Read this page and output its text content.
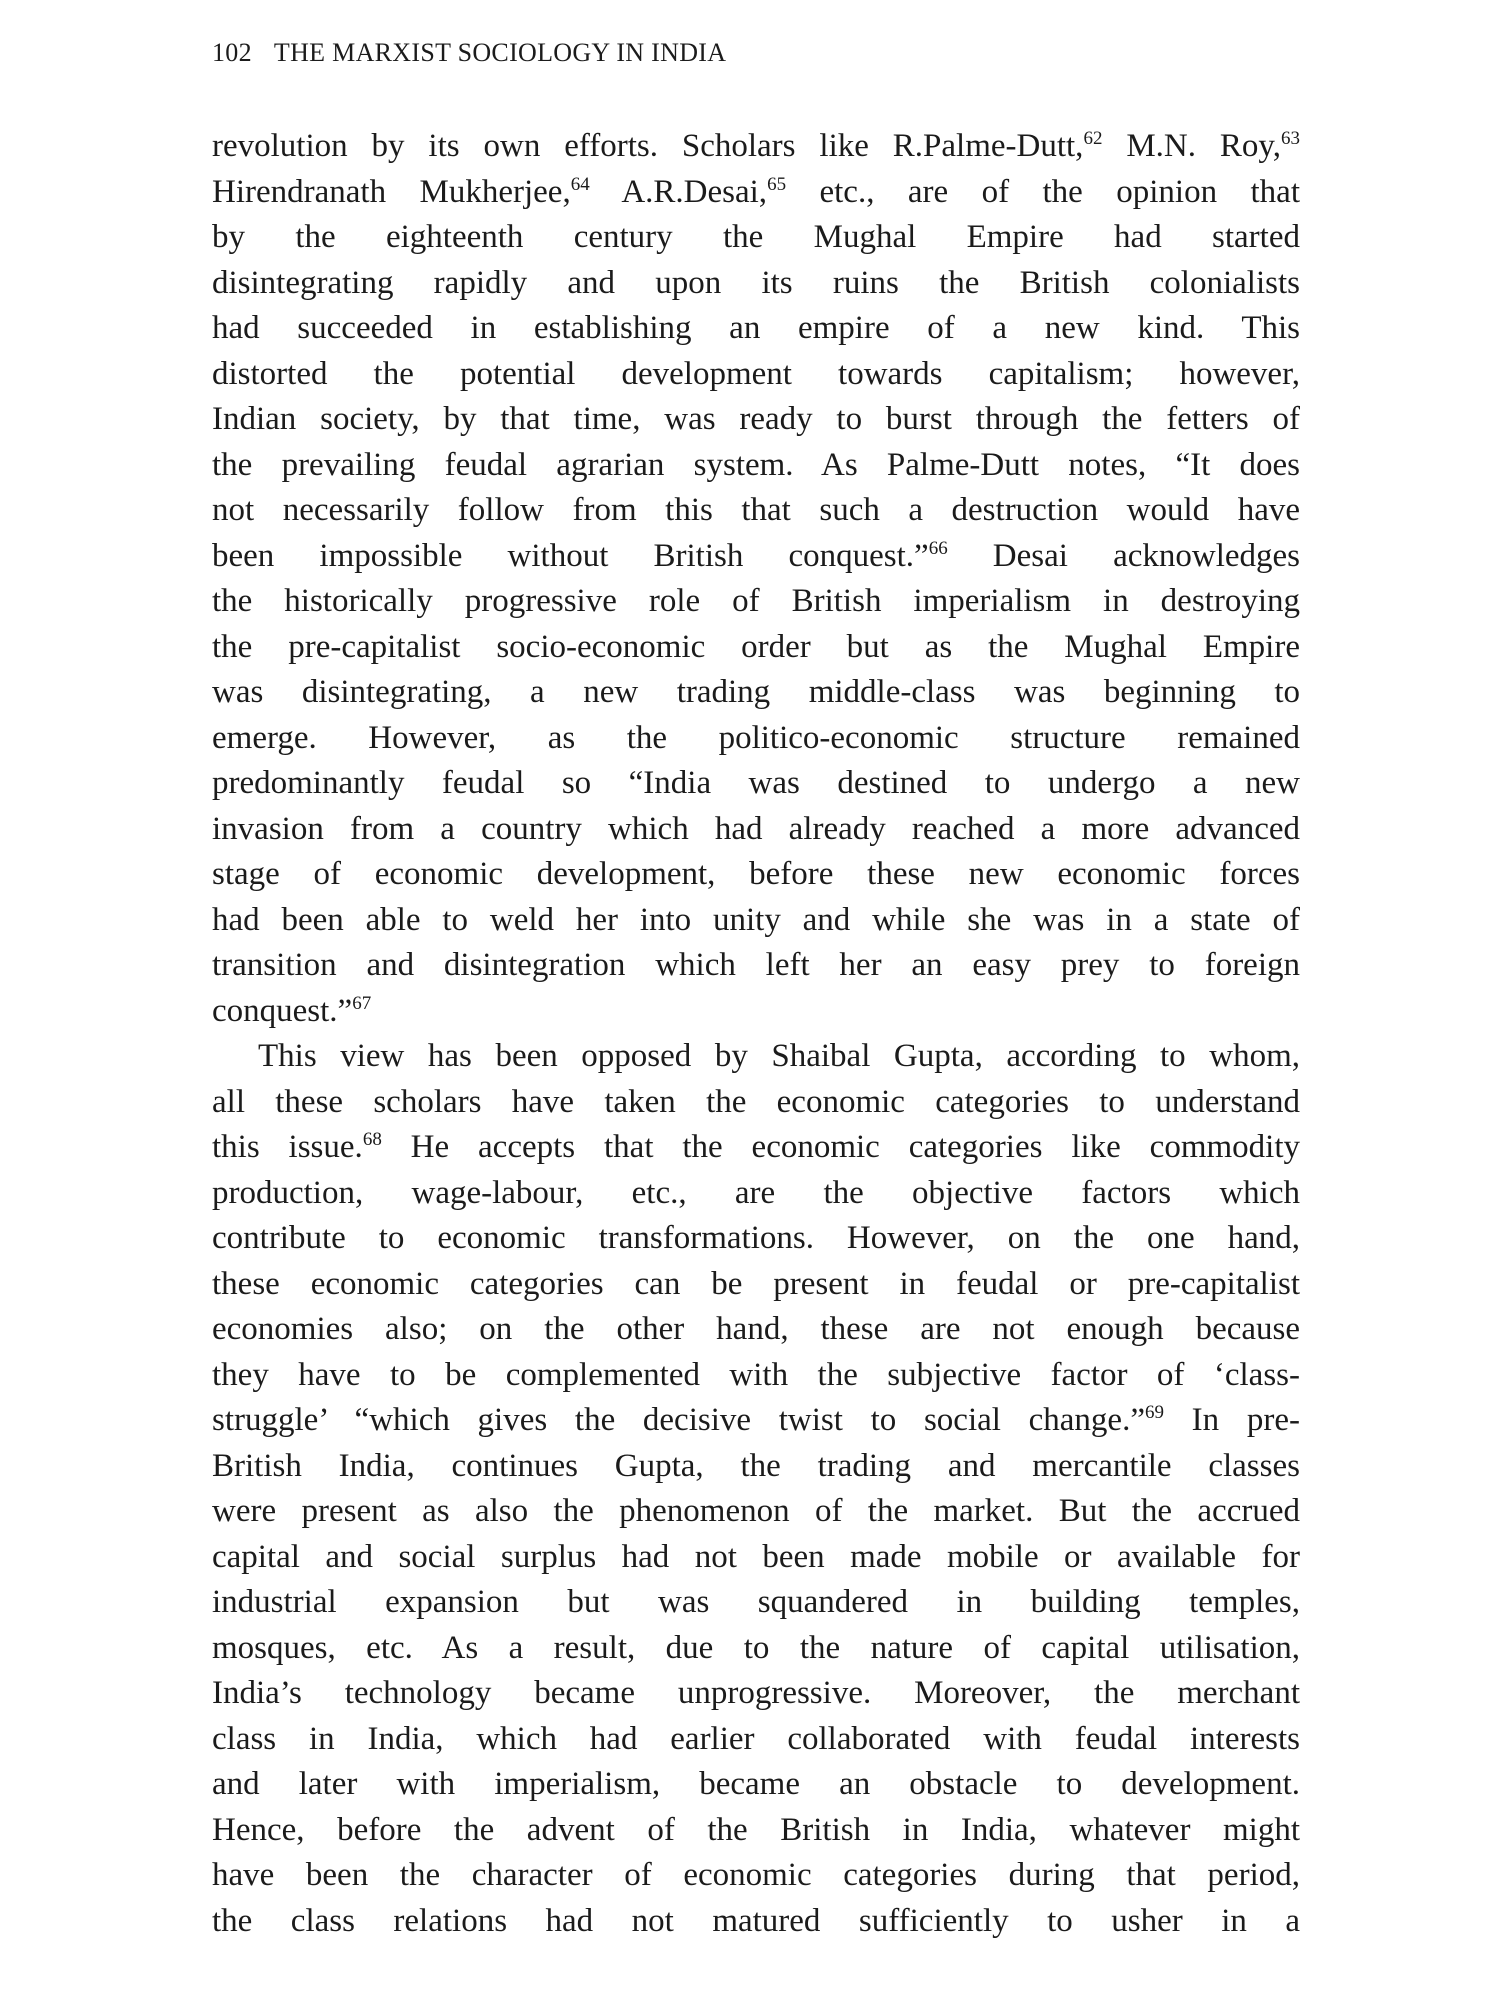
102 THE MARXIST SOCIOLOGY IN INDIA
revolution by its own efforts. Scholars like R.Palme-Dutt,$^{62}$ M.N. Roy,$^{63}$
Hirendranath Mukherjee,$^{64}$ A.R.Desai,$^{65}$ etc., are of the opinion that
by the eighteenth century the Mughal Empire had started
disintegrating rapidly and upon its ruins the British colonialists
had succeeded in establishing an empire of a new kind. This
distorted the potential development towards capitalism; however,
Indian society, by that time, was ready to burst through the fetters of
the prevailing feudal agrarian system. As Palme-Dutt notes, “It does
not necessarily follow from this that such a destruction would have
been impossible without British conquest.”$^{66}$ Desai acknowledges
the historically progressive role of British imperialism in destroying
the pre-capitalist socio-economic order but as the Mughal Empire
was disintegrating, a new trading middle-class was beginning to
emerge. However, as the politico-economic structure remained
predominantly feudal so “India was destined to undergo a new
invasion from a country which had already reached a more advanced
stage of economic development, before these new economic forces
had been able to weld her into unity and while she was in a state of
transition and disintegration which left her an easy prey to foreign
conquest.”$^{67}$
This view has been opposed by Shaibal Gupta, according to whom,
all these scholars have taken the economic categories to understand
this issue.$^{68}$ He accepts that the economic categories like commodity
production, wage-labour, etc., are the objective factors which
contribute to economic transformations. However, on the one hand,
these economic categories can be present in feudal or pre-capitalist
economies also; on the other hand, these are not enough because
they have to be complemented with the subjective factor of ‘class-
struggle’ “which gives the decisive twist to social change.”$^{69}$ In pre-
British India, continues Gupta, the trading and mercantile classes
were present as also the phenomenon of the market. But the accrued
capital and social surplus had not been made mobile or available for
industrial expansion but was squandered in building temples,
mosques, etc. As a result, due to the nature of capital utilisation,
India’s technology became unprogressive. Moreover, the merchant
class in India, which had earlier collaborated with feudal interests
and later with imperialism, became an obstacle to development.
Hence, before the advent of the British in India, whatever might
have been the character of economic categories during that period,
the class relations had not matured sufficiently to usher in a
